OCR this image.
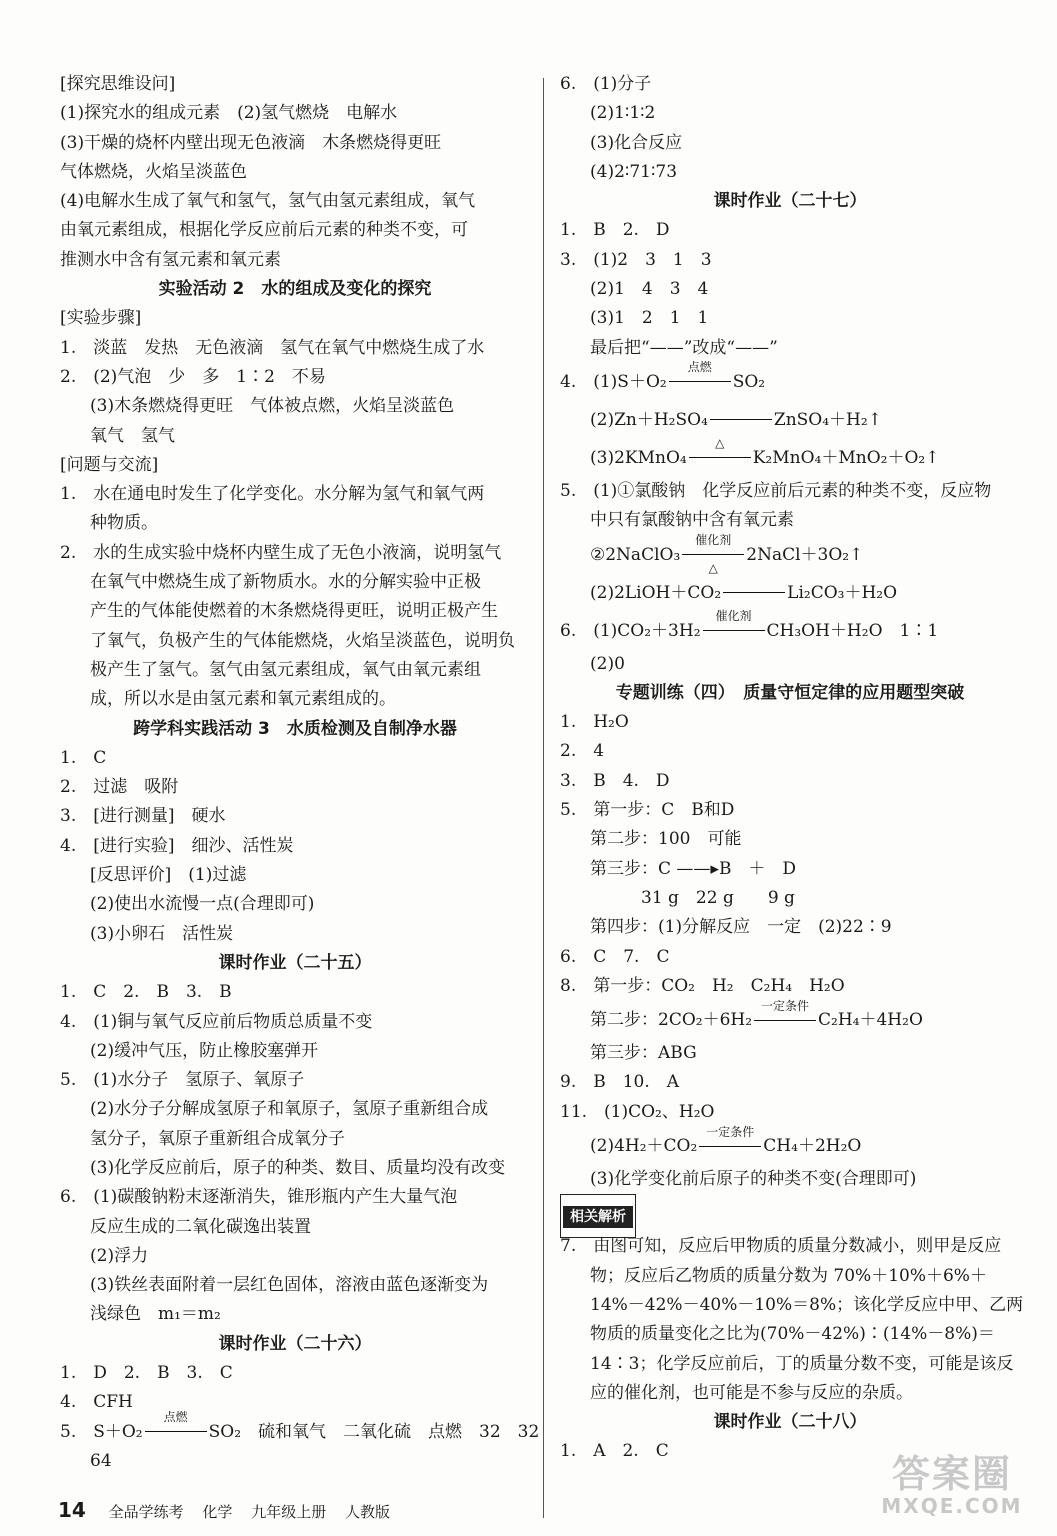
[探究思维设问]
(1)探究水的组成元素　(2)氢气燃烧　电解水
(3)干燥的烧杯内壁出现无色液滴　木条燃烧得更旺
气体燃烧，火焰呈淡蓝色
(4)电解水生成了氧气和氢气，氢气由氢元素组成，氧气
由氧元素组成，根据化学反应前后元素的种类不变，可
推测水中含有氢元素和氧元素
实验活动 2　水的组成及变化的探究
[实验步骤]
1.　淡蓝　发热　无色液滴　氢气在氧气中燃烧生成了水
2.　(2)气泡　少　多　1∶2　不易
(3)木条燃烧得更旺　气体被点燃，火焰呈淡蓝色
氧气　氢气
[问题与交流]
1.　水在通电时发生了化学变化。水分解为氢气和氧气两
种物质。
2.　水的生成实验中烧杯内壁生成了无色小液滴，说明氢气
在氧气中燃烧生成了新物质水。水的分解实验中正极
产生的气体能使燃着的木条燃烧得更旺，说明正极产生
了氧气，负极产生的气体能燃烧，火焰呈淡蓝色，说明负
极产生了氢气。氢气由氢元素组成，氧气由氧元素组
成，所以水是由氢元素和氧元素组成的。
跨学科实践活动 3　水质检测及自制净水器
1.　C
2.　过滤　吸附
3.　[进行测量]　硬水
4.　[进行实验]　细沙、活性炭
[反思评价]　(1)过滤
(2)使出水流慢一点(合理即可)
(3)小卵石　活性炭
课时作业（二十五）
1.　C　2.　B　3.　B
4.　(1)铜与氧气反应前后物质总质量不变
(2)缓冲气压，防止橡胶塞弹开
5.　(1)水分子　氢原子、氧原子
(2)水分子分解成氢原子和氧原子，氢原子重新组合成
氢分子，氧原子重新组合成氧分子
(3)化学反应前后，原子的种类、数目、质量均没有改变
6.　(1)碳酸钠粉末逐渐消失，锥形瓶内产生大量气泡
反应生成的二氧化碳逸出装置
(2)浮力
(3)铁丝表面附着一层红色固体，溶液由蓝色逐渐变为
浅绿色　m₁＝m₂
课时作业（二十六）
1.　D　2.　B　3.　C
4.　CFH
5.　S＋O₂
点燃
SO₂　硫和氧气　二氧化硫　点燃　32　32
64
6.　(1)分子
(2)1∶1∶2
(3)化合反应
(4)2∶71∶73
课时作业（二十七）
1.　B　2.　D
3.　(1)2　3　1　3
(2)1　4　3　4
(3)1　2　1　1
最后把“——”改成“——”
4.　(1)S＋O₂
点燃
SO₂
(2)Zn＋H₂SO₄	ZnSO₄＋H₂↑
(3)2KMnO₄
△
K₂MnO₄＋MnO₂＋O₂↑
5.　(1)①氯酸钠　化学反应前后元素的种类不变，反应物
中只有氯酸钠中含有氧元素
②2NaClO₃
催化剂
△
2NaCl＋3O₂↑
(2)2LiOH＋CO₂	Li₂CO₃＋H₂O
6.　(1)CO₂＋3H₂
催化剂
CH₃OH＋H₂O　1∶1
(2)0
专题训练（四）　质量守恒定律的应用题型突破
1.　H₂O
2.　4
3.　B　4.　D
5.　第一步：C　B和D
第二步：100　可能
第三步：C ——▸B　＋　D
　　　31 g　22 g　　9 g
第四步：(1)分解反应　一定　(2)22∶9
6.　C　7.　C
8.　第一步：CO₂　H₂　C₂H₄　H₂O
第二步：2CO₂＋6H₂
一定条件
C₂H₄＋4H₂O
第三步：ABG
9.　B　10.　A
11.　(1)CO₂、H₂O
(2)4H₂＋CO₂
一定条件
CH₄＋2H₂O
(3)化学变化前后原子的种类不变(合理即可)
相关解析
7.　由图可知，反应后甲物质的质量分数减小，则甲是反应
物；反应后乙物质的质量分数为 70%＋10%＋6%＋
14%－42%－40%－10%＝8%；该化学反应中甲、乙两
物质的质量变化之比为(70%－42%)∶(14%－8%)＝
14∶3；化学反应前后，丁的质量分数不变，可能是该反
应的催化剂，也可能是不参与反应的杂质。
课时作业（二十八）
1.　A　2.　C
14 全品学练考 化学 九年级上册 人教版
答案圈
MXQE.COM
